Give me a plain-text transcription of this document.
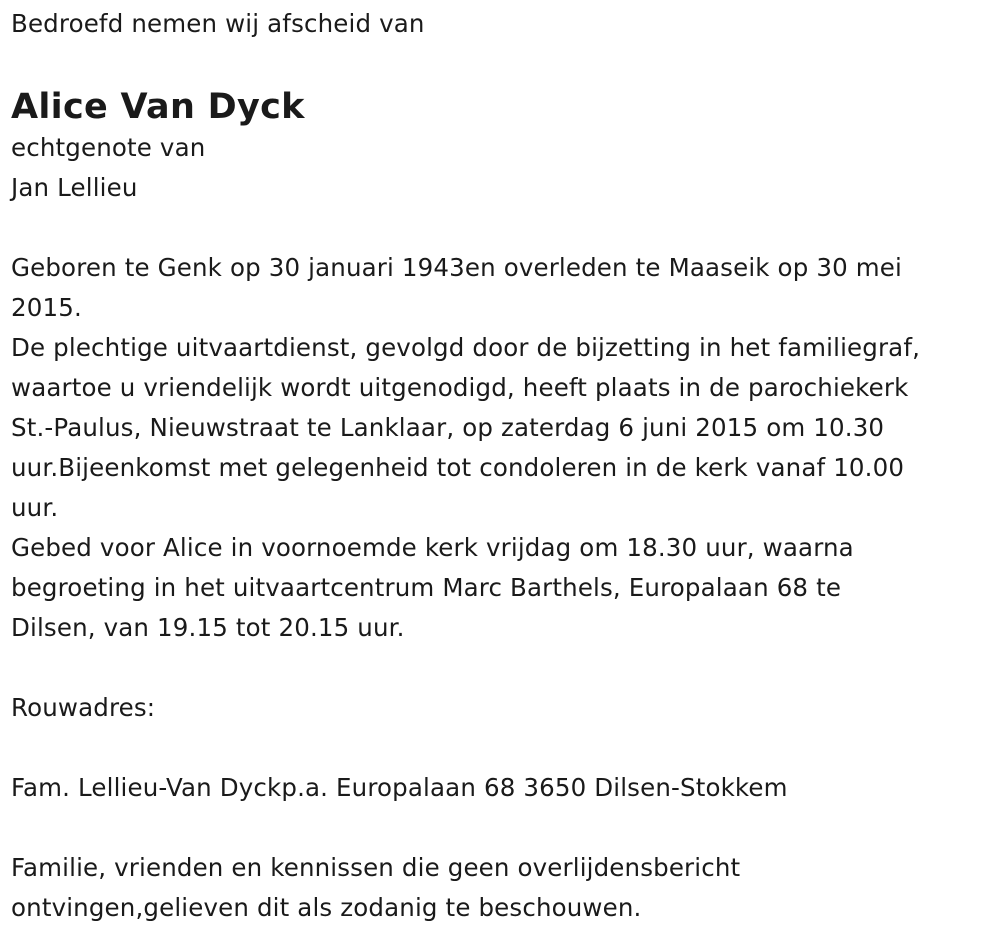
Bedroefd nemen wij afscheid van
Alice Van Dyck
echtgenote van
Jan Lellieu
Geboren te Genk op 30 januari 1943en overleden te Maaseik op 30 mei
2015.
De plechtige uitvaartdienst, gevolgd door de bijzetting in het familiegraf,
waartoe u vriendelijk wordt uitgenodigd, heeft plaats in de parochiekerk
St.-Paulus, Nieuwstraat te Lanklaar, op zaterdag 6 juni 2015 om 10.30
uur.Bijeenkomst met gelegenheid tot condoleren in de kerk vanaf 10.00
uur.
Gebed voor Alice in voornoemde kerk vrijdag om 18.30 uur, waarna
begroeting in het uitvaartcentrum Marc Barthels, Europalaan 68 te
Dilsen, van 19.15 tot 20.15 uur.
Rouwadres:
Fam. Lellieu-Van Dyckp.a. Europalaan 68 3650 Dilsen-Stokkem
Familie, vrienden en kennissen die geen overlijdensbericht
ontvingen,gelieven dit als zodanig te beschouwen.
